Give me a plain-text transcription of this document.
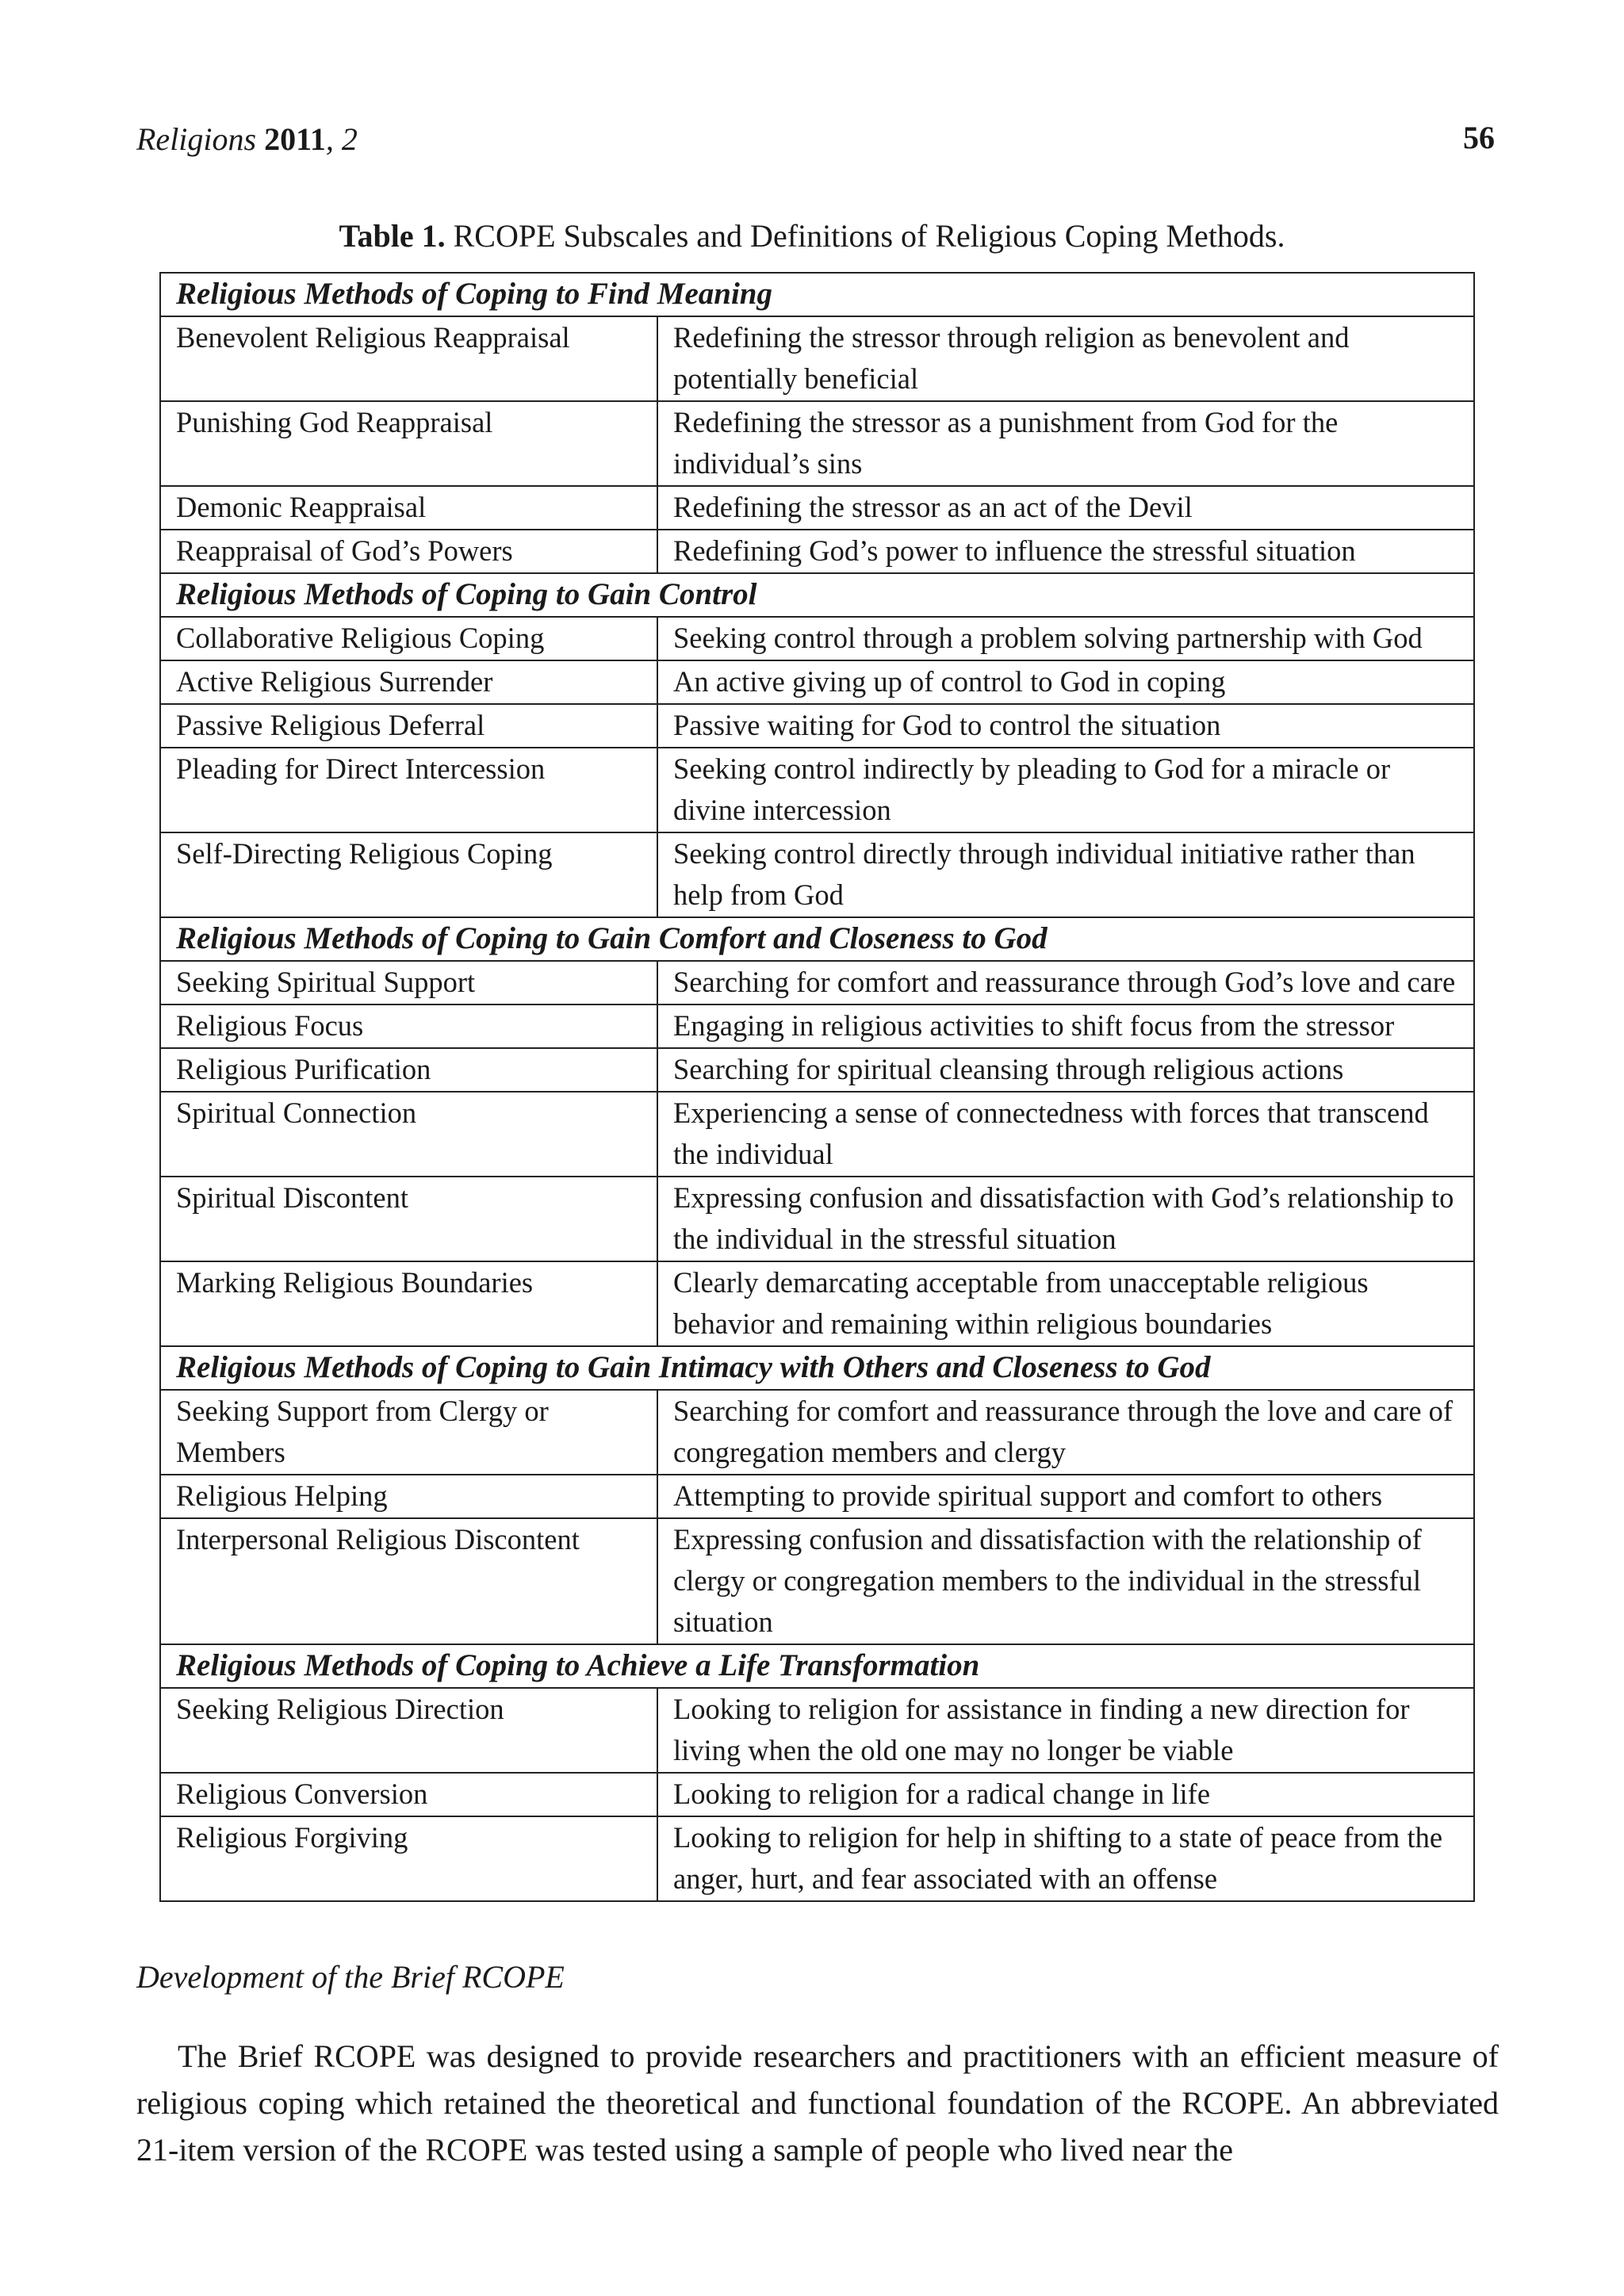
Religions 2011, 2	56
Table 1. RCOPE Subscales and Definitions of Religious Coping Methods.
Religious Methods of Coping to Find Meaning	
Benevolent Religious Reappraisal	Redefining the stressor through religion as benevolent and potentially beneficial
Punishing God Reappraisal	Redefining the stressor as a punishment from God for the individual’s sins
Demonic Reappraisal	Redefining the stressor as an act of the Devil
Reappraisal of God’s Powers	Redefining God’s power to influence the stressful situation
Religious Methods of Coping to Gain Control	
Collaborative Religious Coping	Seeking control through a problem solving partnership with God
Active Religious Surrender	An active giving up of control to God in coping
Passive Religious Deferral	Passive waiting for God to control the situation
Pleading for Direct Intercession	Seeking control indirectly by pleading to God for a miracle or divine intercession
Self-Directing Religious Coping	Seeking control directly through individual initiative rather than help from God
Religious Methods of Coping to Gain Comfort and Closeness to God	
Seeking Spiritual Support	Searching for comfort and reassurance through God’s love and care
Religious Focus	Engaging in religious activities to shift focus from the stressor
Religious Purification	Searching for spiritual cleansing through religious actions
Spiritual Connection	Experiencing a sense of connectedness with forces that transcend the individual
Spiritual Discontent	Expressing confusion and dissatisfaction with God’s relationship to the individual in the stressful situation
Marking Religious Boundaries	Clearly demarcating acceptable from unacceptable religious behavior and remaining within religious boundaries
Religious Methods of Coping to Gain Intimacy with Others and Closeness to God	
Seeking Support from Clergy or Members	Searching for comfort and reassurance through the love and care of congregation members and clergy
Religious Helping	Attempting to provide spiritual support and comfort to others
Interpersonal Religious Discontent	Expressing confusion and dissatisfaction with the relationship of clergy or congregation members to the individual in the stressful situation
Religious Methods of Coping to Achieve a Life Transformation	
Seeking Religious Direction	Looking to religion for assistance in finding a new direction for living when the old one may no longer be viable
Religious Conversion	Looking to religion for a radical change in life
Religious Forgiving	Looking to religion for help in shifting to a state of peace from the anger, hurt, and fear associated with an offense
Development of the Brief RCOPE
The Brief RCOPE was designed to provide researchers and practitioners with an efficient measure of religious coping which retained the theoretical and functional foundation of the RCOPE. An abbreviated 21-item version of the RCOPE was tested using a sample of people who lived near the
